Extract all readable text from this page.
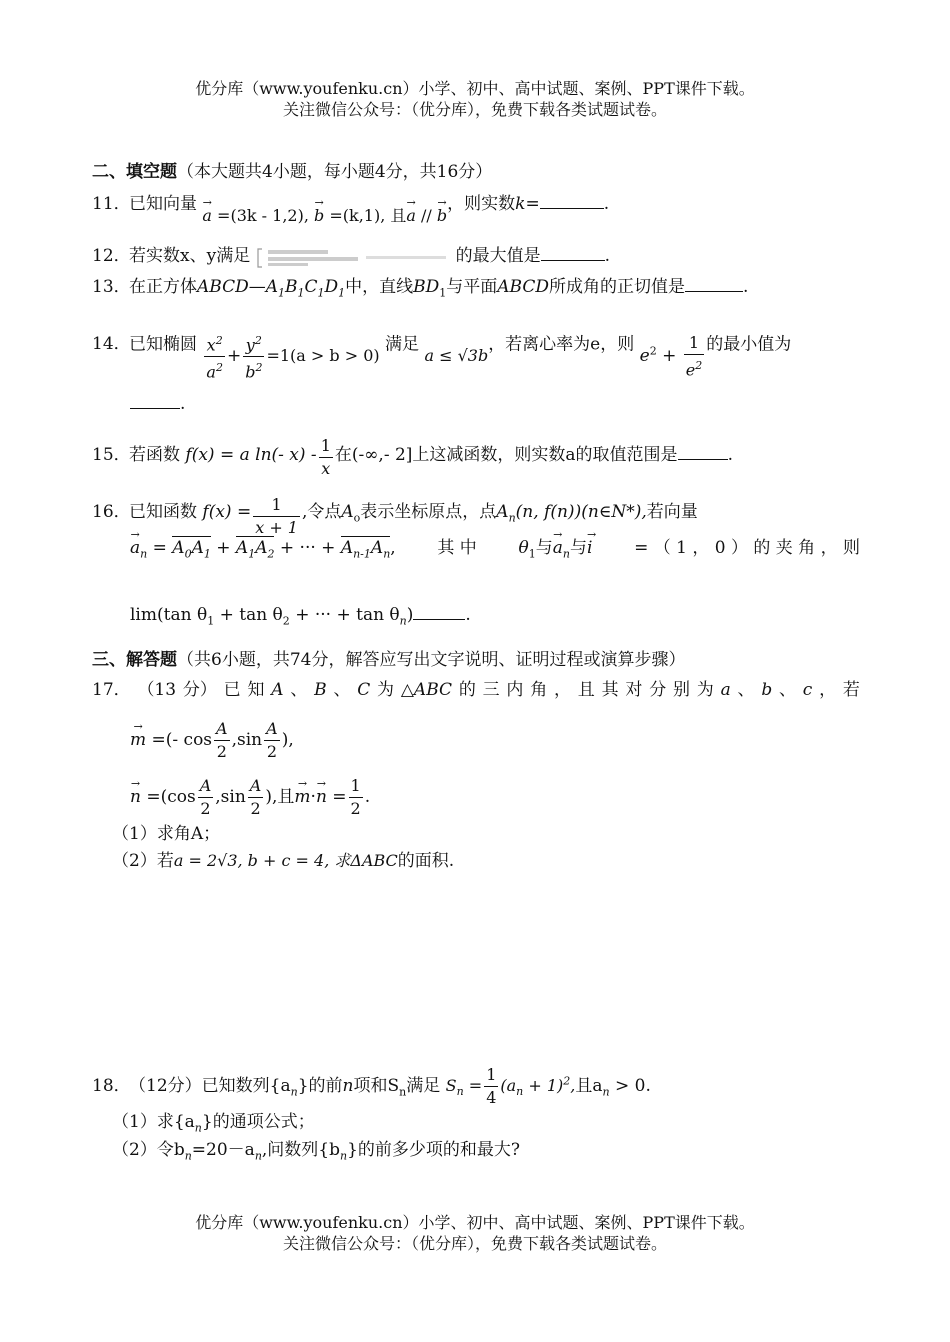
优分库（www.youfenku.cn）小学、初中、高中试题、案例、PPT课件下载。
关注微信公众号：（优分库），免费下载各类试题试卷。
二、填空题（本大题共4小题，每小题4分，共16分）
11．已知向量 → a =(3k - 1,2), → b =(k,1), 且→ a // → b，则实数k=	.
12．若实数x、y满足	的最大值是	.
13．在正方体$ABCD—A_1B_1C_1D_1$中，直线$BD_1$与平面ABCD所成角的正切值是	.
14．已知椭圆 $\frac{x^2}{a^2} + \frac{y^2}{b^2} =1(a > b > 0)$ 满足 a ≤ √3b，若离心率为e，则 $e^2 + \frac{1}{e^2}$ 的最小值为
.
15．若函数 f(x) = a ln(- $x) - \frac{1}{x}$ 在(-∞,- 2]上这减函数，则实数a的取值范围是	.
16．已知函数 $f(x) = \frac{1}{x + 1}$ ,令点$A_o$表示坐标原点，点$A_n(n$, f(n))(n∈N*),若向量
→ $a_n = A_0A_1 + A_1A_2$ + ··· + $A_{n-1}A_n$, 其 中 $\theta_1$与→ $a_n$与→ i = （ 1 ， 0 ） 的 夹 角 ， 则
lim(tan $\theta_1 + \tan \theta_2$ + ··· + $\tan \theta_n$)	.
三、解答题（共6小题，共74分，解答应写出文字说明、证明过程或演算步骤）
17． （13 分） 已 知 A 、 B 、 C 为 △ABC 的 三 内 角 ， 且 其 对 分 别 为 a 、 b 、 c ， 若
→ m =(- $\cos \frac{A}{2} ,\sin \frac{A}{2}$ ),
→ $n =(\cos \frac{A}{2} ,\sin \frac{A}{2}$ ),且→ $m\cdot\to n = \frac{1}{2}$ .
（1）求角A；
（2）若a = 2√3, b + c = 4, 求ΔABC的面积.
18．（12分）已知数列$\{a_n\}$的前n项和$S_n$满足 $S_n = \frac{1}{4} (a_n + 1)^2$,且$a_n > 0$.
（1）求$\{a_n\}$的通项公式；
（2）令$b_n=20-a_n$,问数列$\{b_n\}$的前多少项的和最大?
优分库（www.youfenku.cn）小学、初中、高中试题、案例、PPT课件下载。
关注微信公众号：（优分库），免费下载各类试题试卷。
